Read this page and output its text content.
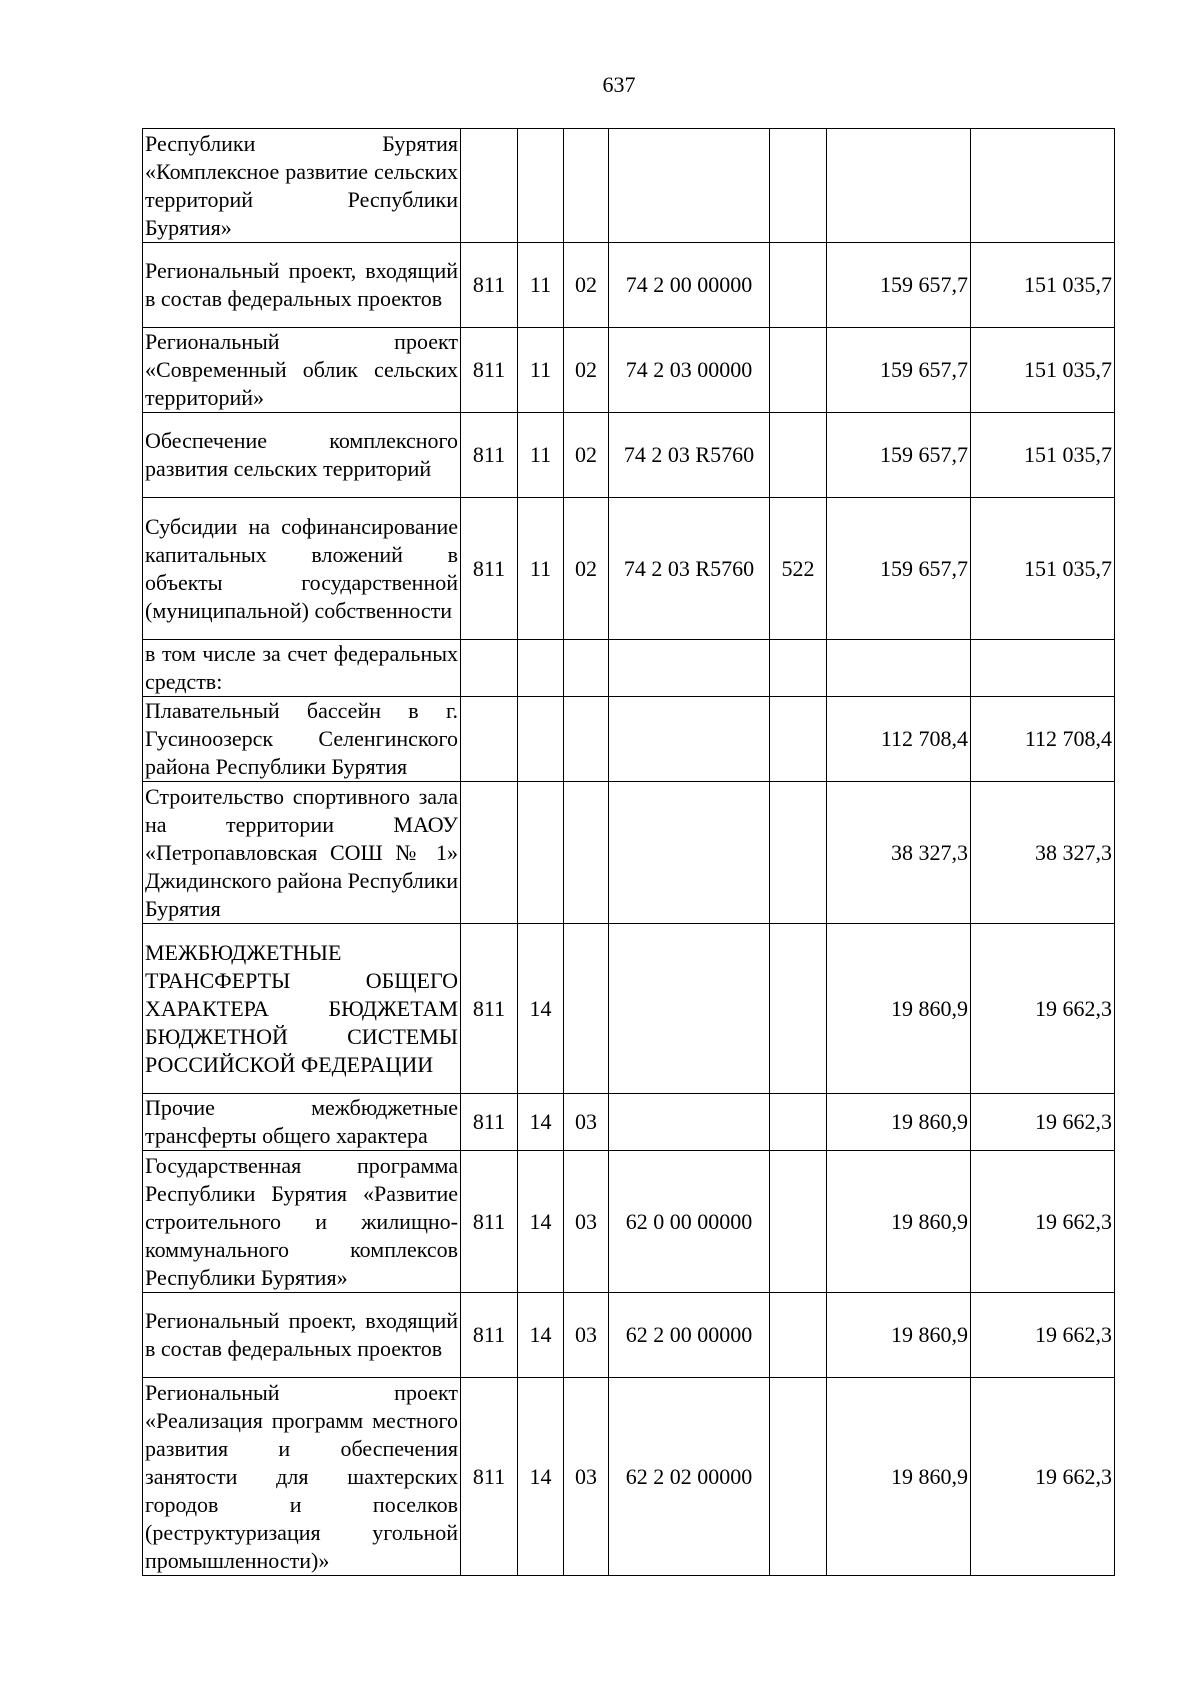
637
Республики Бурятия «Комплексное развитие сельских территорий Республики Бурятия»							
Региональный проект, входящий в состав федеральных проектов	811	11	02	74 2 00 00000		159 657,7	151 035,7
Региональный проект «Современный облик сельских территорий»	811	11	02	74 2 03 00000		159 657,7	151 035,7
Обеспечение комплексного развития сельских территорий	811	11	02	74 2 03 R5760		159 657,7	151 035,7
Субсидии на софинансирование капитальных вложений в объекты государственной (муниципальной) собственности	811	11	02	74 2 03 R5760	522	159 657,7	151 035,7
в том числе за счет федеральных средств:							
Плавательный бассейн в г. Гусиноозерск Селенгинского района Республики Бурятия						112 708,4	112 708,4
Строительство спортивного зала на территории МАОУ «Петропавловская СОШ № 1» Джидинского района Республики Бурятия						38 327,3	38 327,3
МЕЖБЮДЖЕТНЫЕ ТРАНСФЕРТЫ ОБЩЕГО ХАРАКТЕРА БЮДЖЕТАМ БЮДЖЕТНОЙ СИСТЕМЫ РОССИЙСКОЙ ФЕДЕРАЦИИ	811	14				19 860,9	19 662,3
Прочие межбюджетные трансферты общего характера	811	14	03			19 860,9	19 662,3
Государственная программа Республики Бурятия «Развитие строительного и жилищно-коммунального комплексов Республики Бурятия»	811	14	03	62 0 00 00000		19 860,9	19 662,3
Региональный проект, входящий в состав федеральных проектов	811	14	03	62 2 00 00000		19 860,9	19 662,3
Региональный проект «Реализация программ местного развития и обеспечения занятости для шахтерских городов и поселков (реструктуризация угольной промышленности)»	811	14	03	62 2 02 00000		19 860,9	19 662,3
